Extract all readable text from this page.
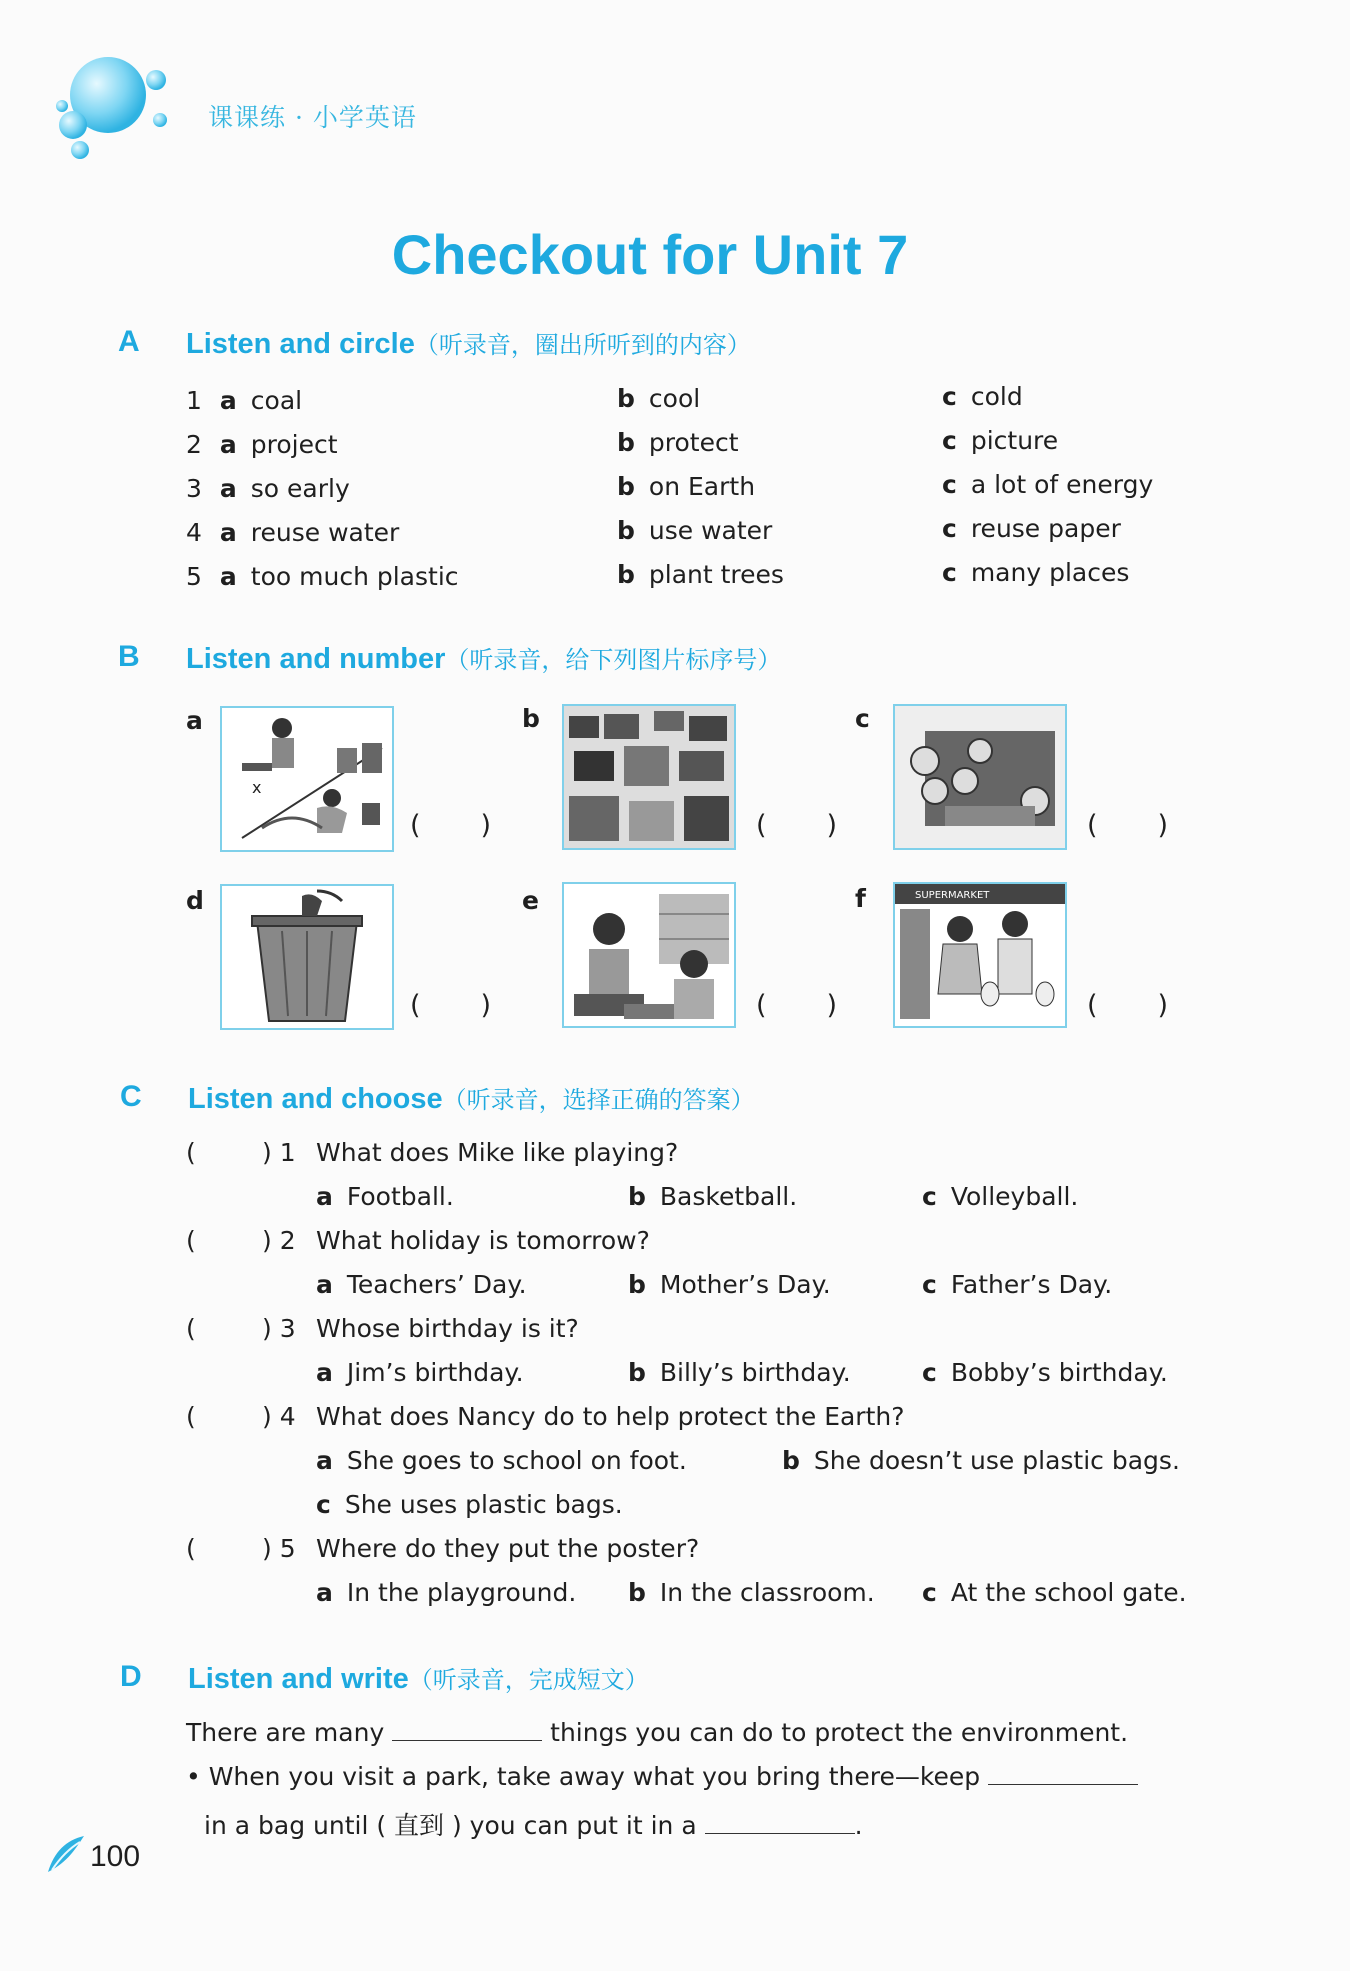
课课练 · 小学英语
Checkout for Unit 7
A Listen and circle（听录音，圈出所听到的内容）
1 a coal	b cool	c cold
2 a project	b protect	c picture
3 a so early	b on Earth	c a lot of energy
4 a reuse water	b use water	c reuse paper
5 a too much plastic	b plant trees	c many places
B Listen and number（听录音，给下列图片标序号）
a
x
( )
b
( )
c
( )
d
( )
e
( )
f	SUPERMARKET
( )
C Listen and choose（听录音，选择正确的答案）
(	) 1 What does Mike like playing?
a Football.	b Basketball.	c Volleyball.
(	) 2 What holiday is tomorrow?
a Teachers’ Day.	b Mother’s Day.	c Father’s Day.
(	) 3 Whose birthday is it?
a Jim’s birthday.	b Billy’s birthday.	c Bobby’s birthday.
(	) 4 What does Nancy do to help protect the Earth?
a She goes to school on foot.	b She doesn’t use plastic bags.
c She uses plastic bags.
(	) 5 Where do they put the poster?
a In the playground. b In the classroom. c At the school gate.
D Listen and write（听录音，完成短文）
There are many	things you can do to protect the environment.
• When you visit a park, take away what you bring there—keep
in a bag until ( 直到 ) you can put it in a	.
100
